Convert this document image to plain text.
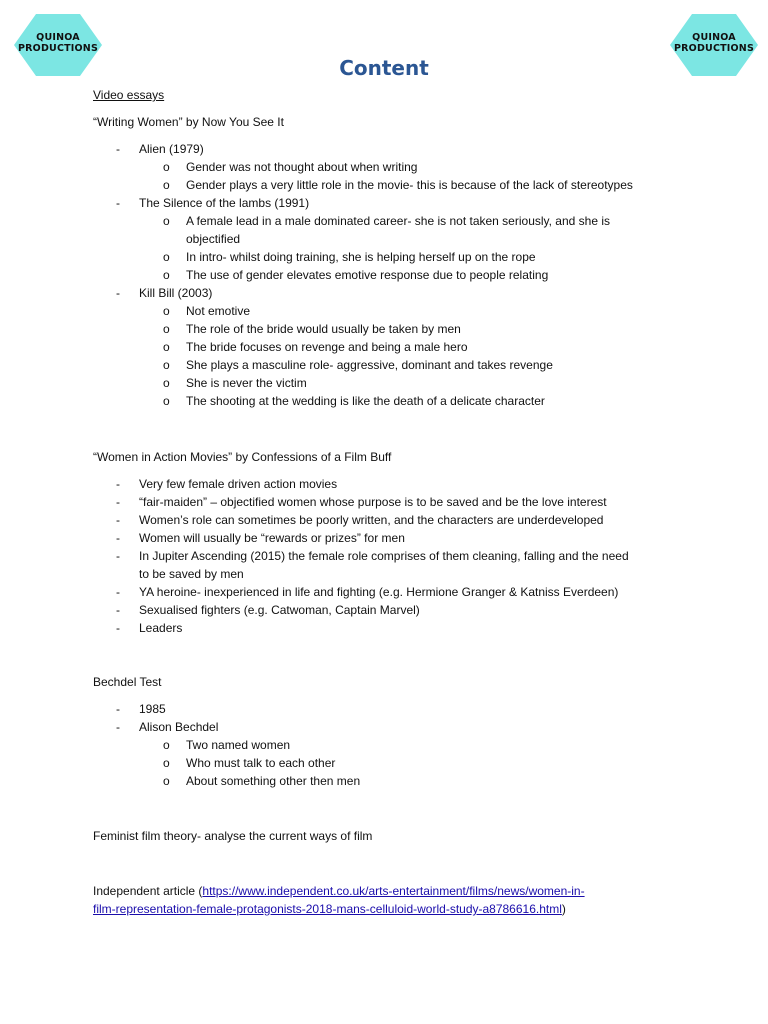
QUINOA
PRODUCTIONS
QUINOA
PRODUCTIONS
Content
Video essays
“Writing Women” by Now You See It
- Alien (1979)
o Gender was not thought about when writing
o Gender plays a very little role in the movie- this is because of the lack of stereotypes
- The Silence of the lambs (1991)
o A female lead in a male dominated career- she is not taken seriously, and she is
objectified
o In intro- whilst doing training, she is helping herself up on the rope
o The use of gender elevates emotive response due to people relating
- Kill Bill (2003)
o Not emotive
o The role of the bride would usually be taken by men
o The bride focuses on revenge and being a male hero
o She plays a masculine role- aggressive, dominant and takes revenge
o She is never the victim
o The shooting at the wedding is like the death of a delicate character
“Women in Action Movies” by Confessions of a Film Buff
- Very few female driven action movies
- “fair-maiden” – objectified women whose purpose is to be saved and be the love interest
- Women’s role can sometimes be poorly written, and the characters are underdeveloped
- Women will usually be “rewards or prizes” for men
- In Jupiter Ascending (2015) the female role comprises of them cleaning, falling and the need
to be saved by men
- YA heroine- inexperienced in life and fighting (e.g. Hermione Granger & Katniss Everdeen)
- Sexualised fighters (e.g. Catwoman, Captain Marvel)
- Leaders
Bechdel Test
- 1985
- Alison Bechdel
o Two named women
o Who must talk to each other
o About something other then men
Feminist film theory- analyse the current ways of film
Independent article (https://www.independent.co.uk/arts-entertainment/films/news/women-in-
film-representation-female-protagonists-2018-mans-celluloid-world-study-a8786616.html)
